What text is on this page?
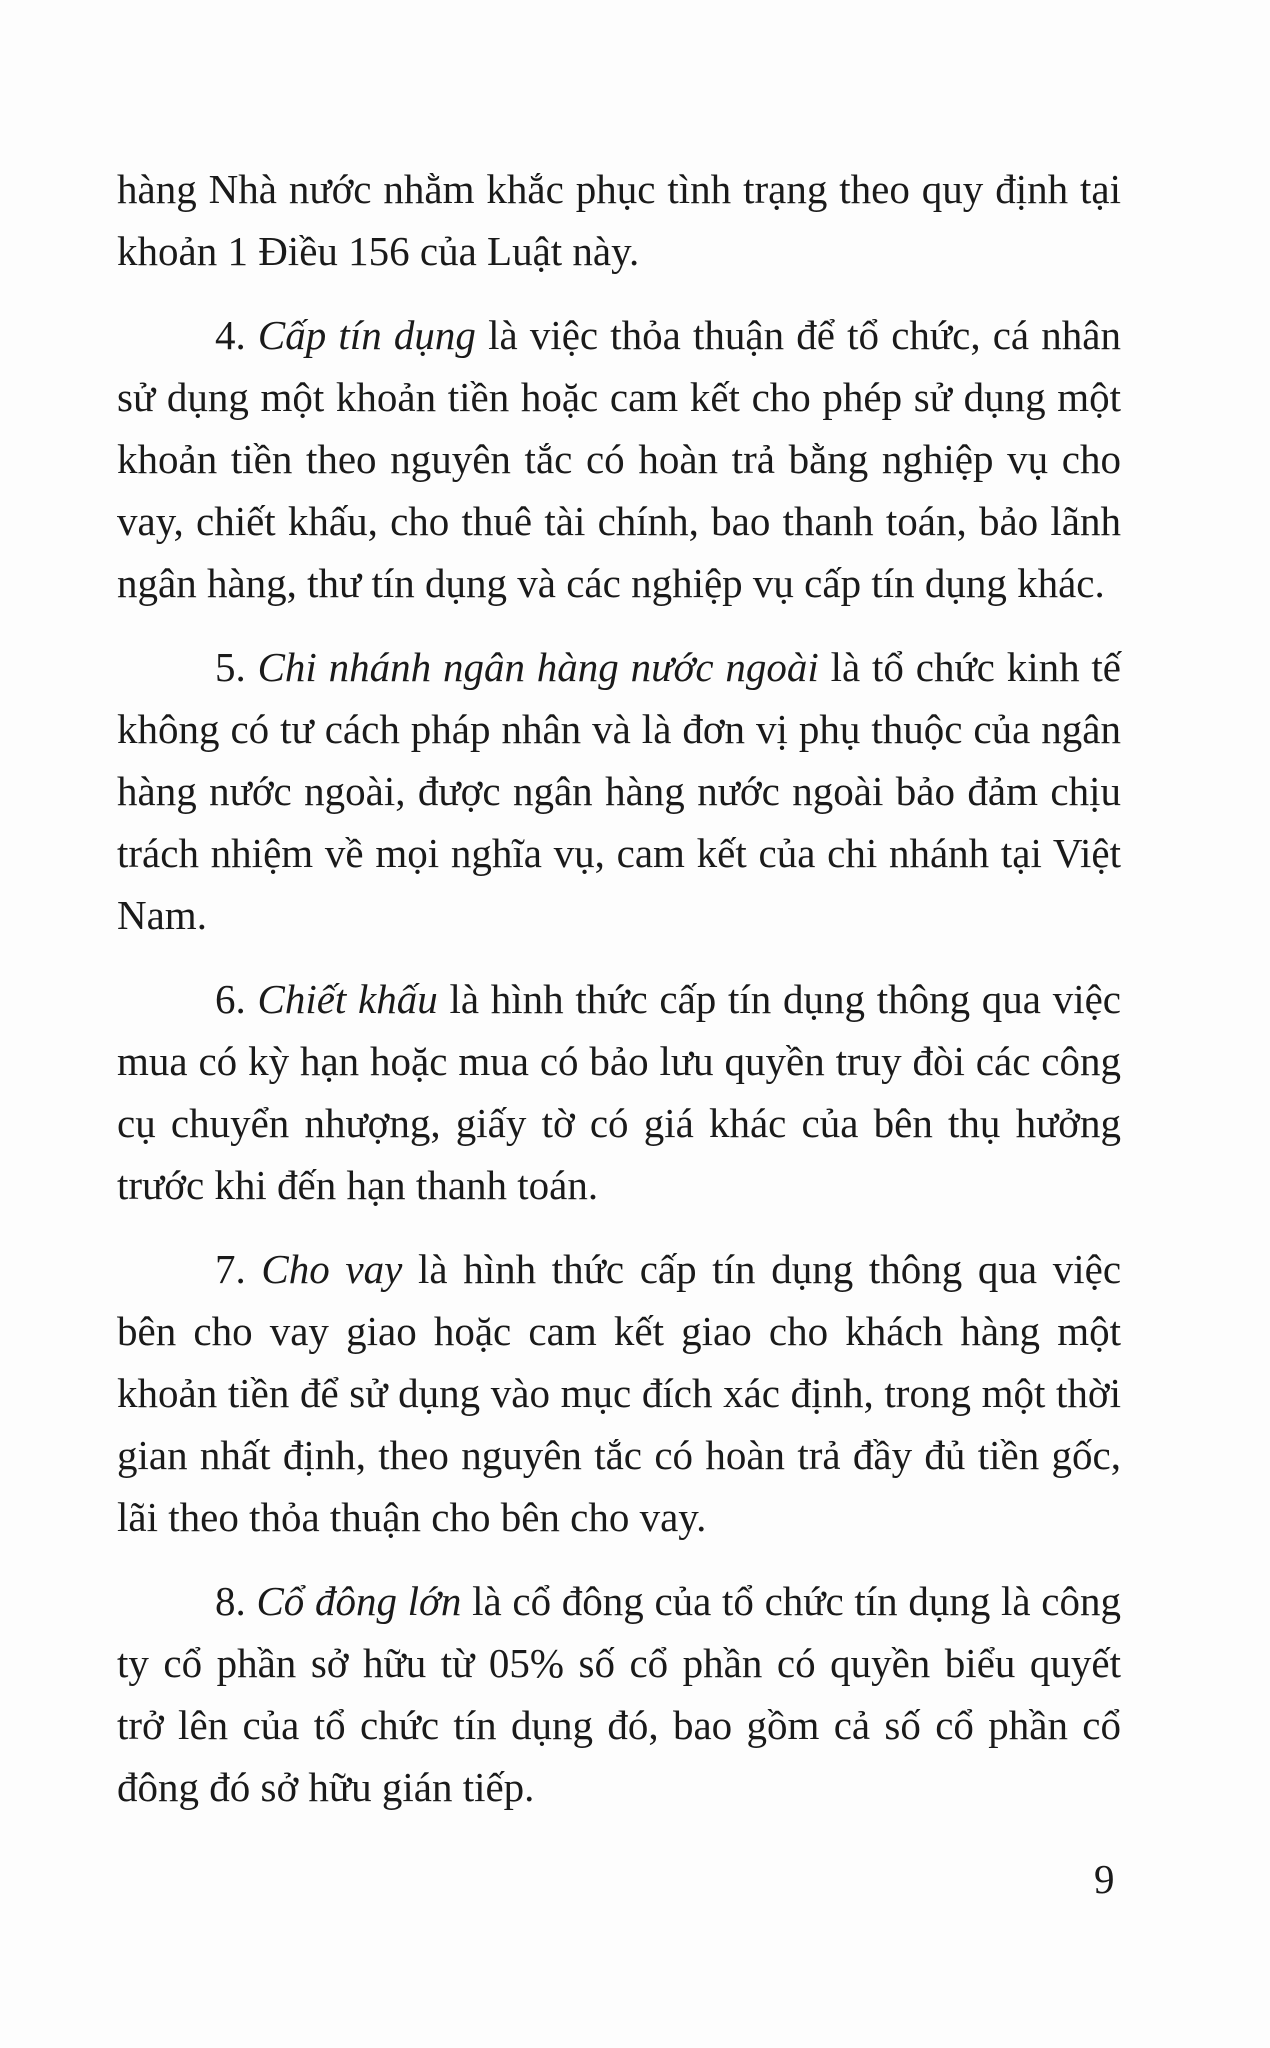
hàng Nhà nước nhằm khắc phục tình trạng theo quy định tại khoản 1 Điều 156 của Luật này.

4. Cấp tín dụng là việc thỏa thuận để tổ chức, cá nhân sử dụng một khoản tiền hoặc cam kết cho phép sử dụng một khoản tiền theo nguyên tắc có hoàn trả bằng nghiệp vụ cho vay, chiết khấu, cho thuê tài chính, bao thanh toán, bảo lãnh ngân hàng, thư tín dụng và các nghiệp vụ cấp tín dụng khác.

5. Chi nhánh ngân hàng nước ngoài là tổ chức kinh tế không có tư cách pháp nhân và là đơn vị phụ thuộc của ngân hàng nước ngoài, được ngân hàng nước ngoài bảo đảm chịu trách nhiệm về mọi nghĩa vụ, cam kết của chi nhánh tại Việt Nam.

6. Chiết khấu là hình thức cấp tín dụng thông qua việc mua có kỳ hạn hoặc mua có bảo lưu quyền truy đòi các công cụ chuyển nhượng, giấy tờ có giá khác của bên thụ hưởng trước khi đến hạn thanh toán.

7. Cho vay là hình thức cấp tín dụng thông qua việc bên cho vay giao hoặc cam kết giao cho khách hàng một khoản tiền để sử dụng vào mục đích xác định, trong một thời gian nhất định, theo nguyên tắc có hoàn trả đầy đủ tiền gốc, lãi theo thỏa thuận cho bên cho vay.

8. Cổ đông lớn là cổ đông của tổ chức tín dụng là công ty cổ phần sở hữu từ 05% số cổ phần có quyền biểu quyết trở lên của tổ chức tín dụng đó, bao gồm cả số cổ phần cổ đông đó sở hữu gián tiếp.

9
